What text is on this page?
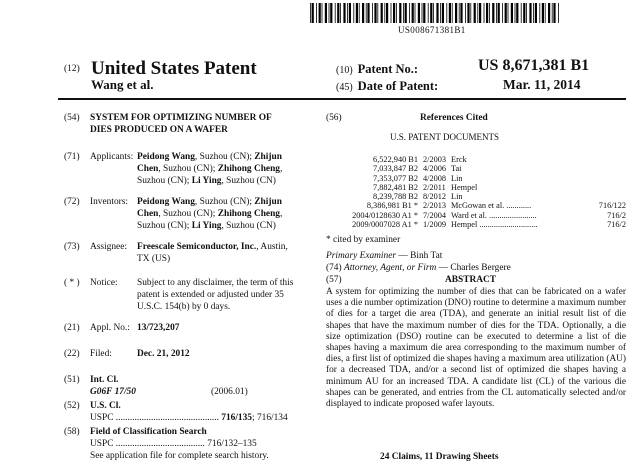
US008671381B1
(12) United States Patent
Wang et al.
(10) Patent No.:	US 8,671,381 B1
(45) Date of Patent:	Mar. 11, 2014
(54) SYSTEM FOR OPTIMIZING NUMBER OF
DIES PRODUCED ON A WAFER
(71) Applicants: Peidong Wang, Suzhou (CN); Zhijun
Chen, Suzhou (CN); Zhihong Cheng,
Suzhou (CN); Li Ying, Suzhou (CN)
(72) Inventors: Peidong Wang, Suzhou (CN); Zhijun
Chen, Suzhou (CN); Zhihong Cheng,
Suzhou (CN); Li Ying, Suzhou (CN)
(73) Assignee: Freescale Semiconductor, Inc., Austin,
TX (US)
( * ) Notice: Subject to any disclaimer, the term of this
patent is extended or adjusted under 35
U.S.C. 154(b) by 0 days.
(21) Appl. No.: 13/723,207
(22) Filed:	Dec. 21, 2012
(51) Int. Cl.
G06F 17/50	(2006.01)
(52) U.S. Cl.
USPC ............................................ 716/135; 716/134
(58) Field of Classification Search
USPC ...................................... 716/132–135
See application file for complete search history.
(56)	References Cited
U.S. PATENT DOCUMENTS
6,522,940 B1 2/2003 Erck
7,033,847 B2 4/2006 Tai
7,353,077 B2 4/2008 Lin
7,882,481 B2 2/2011 Hempel
8,239,788 B2 8/2012 Lin
8,386,981 B1 * 2/2013 McGowan et al. ............	716/122
2004/0128630 A1 * 7/2004 Ward et al. .......................	716/2
2009/0007028 A1 * 1/2009 Hempel ............................	716/2
* cited by examiner
Primary Examiner — Binh Tat
(74) Attorney, Agent, or Firm — Charles Bergere
(57)	ABSTRACT
A system for optimizing the number of dies that can be fabricated on a wafer uses a die number optimization (DNO) routine to determine a maximum number of dies for a target die area (TDA), and generate an initial result list of die shapes that have the maximum number of dies for the TDA. Optionally, a die size optimization (DSO) routine can be executed to determine a list of die shapes having a maximum die area corresponding to the maximum number of dies, a first list of optimized die shapes having a maximum area utilization (AU) for a decreased TDA, and/or a second list of optimized die shapes having a minimum AU for an increased TDA. A candidate list (CL) of the various die shapes can be generated, and entries from the CL automatically selected and/or displayed to indicate proposed wafer layouts.
24 Claims, 11 Drawing Sheets
